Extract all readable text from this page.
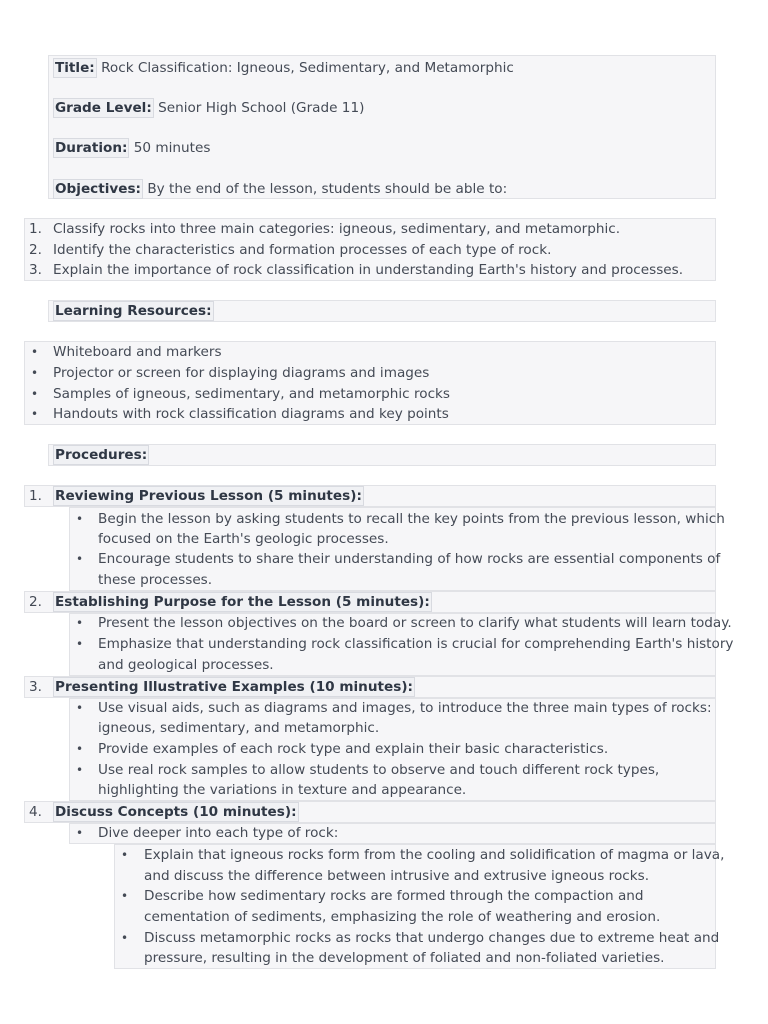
Title: Rock Classification: Igneous, Sedimentary, and Metamorphic
Grade Level: Senior High School (Grade 11)
Duration: 50 minutes
Objectives: By the end of the lesson, students should be able to:
1. Classify rocks into three main categories: igneous, sedimentary, and metamorphic.
2. Identify the characteristics and formation processes of each type of rock.
3. Explain the importance of rock classification in understanding Earth's history and processes.
Learning Resources:
• Whiteboard and markers
• Projector or screen for displaying diagrams and images
• Samples of igneous, sedimentary, and metamorphic rocks
• Handouts with rock classification diagrams and key points
Procedures:
1. Reviewing Previous Lesson (5 minutes):
• Begin the lesson by asking students to recall the key points from the previous lesson, which
focused on the Earth's geologic processes.
• Encourage students to share their understanding of how rocks are essential components of
these processes.
2. Establishing Purpose for the Lesson (5 minutes):
• Present the lesson objectives on the board or screen to clarify what students will learn today.
• Emphasize that understanding rock classification is crucial for comprehending Earth's history
and geological processes.
3. Presenting Illustrative Examples (10 minutes):
• Use visual aids, such as diagrams and images, to introduce the three main types of rocks:
igneous, sedimentary, and metamorphic.
• Provide examples of each rock type and explain their basic characteristics.
• Use real rock samples to allow students to observe and touch different rock types,
highlighting the variations in texture and appearance.
4. Discuss Concepts (10 minutes):
• Dive deeper into each type of rock:
• Explain that igneous rocks form from the cooling and solidification of magma or lava,
and discuss the difference between intrusive and extrusive igneous rocks.
• Describe how sedimentary rocks are formed through the compaction and
cementation of sediments, emphasizing the role of weathering and erosion.
• Discuss metamorphic rocks as rocks that undergo changes due to extreme heat and
pressure, resulting in the development of foliated and non-foliated varieties.
